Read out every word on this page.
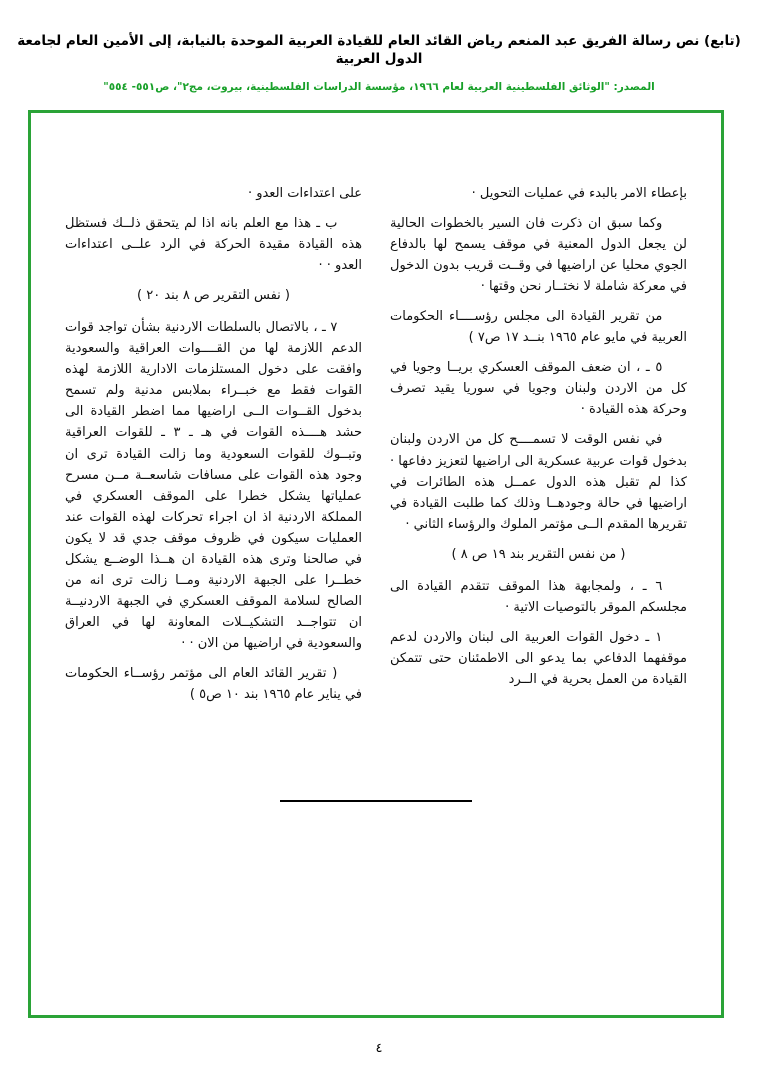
(تابع) نص رسالة الفريق عبد المنعم رياض القائد العام للقيادة العربية الموحدة بالنيابة، إلى الأمين العام لجامعة الدول العربية
المصدر: "الوثائق الفلسطينية العربية لعام ١٩٦٦، مؤسسة الدراسات الفلسطينية، بيروت، مج٢"، ص٥٥١- ٥٥٤"

بإعطاء الامر بالبدء في عمليات التحويل ·

وكما سبق ان ذكرت فان السير بالخطوات الحالية لن يجعل الدول المعنية في موقف يسمح لها بالدفاع الجوي محليا عن اراضيها في وقــت قريب بدون الدخول في معركة شاملة لا نختــار نحن وقتها ·

من تقرير القيادة الى مجلس رؤســــاء الحكومات العربية في مايو عام ١٩٦٥ بنــد ١٧ ص٧ )

٥ ـ ، ان ضعف الموقف العسكري بريــا وجويا في كل من الاردن ولبنان وجويا في سوريا يقيد تصرف وحركة هذه القيادة ·

في نفس الوقت لا تسمــــح كل من الاردن ولبنان بدخول قوات عربية عسكرية الى اراضيها لتعزيز دفاعها · كذا لم تقبل هذه الدول عمــل هذه الطائرات في اراضيها في حالة وجودهــا وذلك كما طلبت القيادة في تقريرها المقدم الــى مؤتمر الملوك والرؤساء الثاني ·

( من نفس التقرير بند ١٩ ص ٨ )

٦ ـ ، ولمجابهة هذا الموقف تتقدم القيادة الى مجلسكم الموقر بالتوصيات الاتية ·

١ ـ دخول القوات العربية الى لبنان والاردن لدعم موقفهما الدفاعي بما يدعو الى الاطمئنان حتى تتمكن القيادة من العمل بحرية في الــرد

على اعتداءات العدو ·

ب ـ هذا مع العلم بانه اذا لم يتحقق ذلــك فستظل هذه القيادة مقيدة الحركة في الرد علــى اعتداءات العدو · ·

( نفس التقرير ص ٨ بند ٢٠ )

٧ ـ ، بالاتصال بالسلطات الاردنية بشأن تواجد قوات الدعم اللازمة لها من القــــوات العراقية والسعودية وافقت على دخول المستلزمات الادارية اللازمة لهذه القوات فقط مع خبــراء بملابس مدنية ولم تسمح بدخول القــوات الــى اراضيها مما اضطر القيادة الى حشد هــــذه القوات في هـ ـ ٣ ـ للقوات العراقية وتبــوك للقوات السعودية وما زالت القيادة ترى ان وجود هذه القوات على مسافات شاسعــة مــن مسرح عملياتها يشكل خطرا على الموقف العسكري في المملكة الاردنية اذ ان اجراء تحركات لهذه القوات عند العمليات سيكون في ظروف موقف جدي قد لا يكون في صالحنا وترى هذه القيادة ان هــذا الوضــع يشكل خطــرا على الجبهة الاردنية ومــا زالت ترى انه من الصالح لسلامة الموقف العسكري في الجبهة الاردنيــة ان تتواجــد التشكيــلات المعاونة لها في العراق والسعودية في اراضيها من الان · ·

( تقرير القائد العام الى مؤتمر رؤســاء الحكومات في يناير عام ١٩٦٥ بند ١٠ ص٥ )

٤
